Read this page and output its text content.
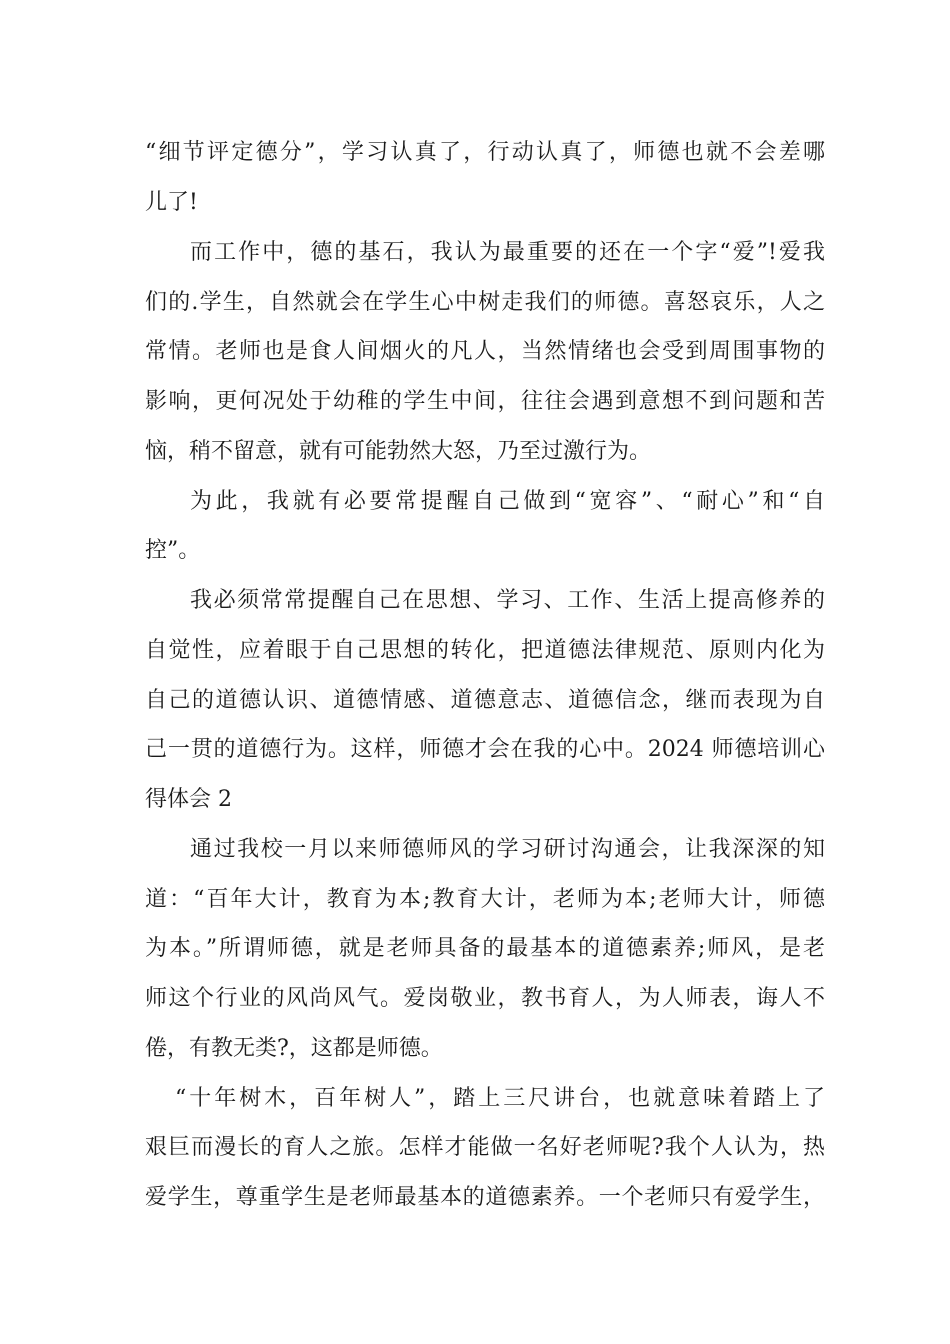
“细节评定德分”，学习认真了，行动认真了，师德也就不会差哪
儿了!
而工作中，德的基石，我认为最重要的还在一个字“爱”!爱我
们的.学生，自然就会在学生心中树走我们的师德。喜怒哀乐，人之
常情。老师也是食人间烟火的凡人，当然情绪也会受到周围事物的
影响，更何况处于幼稚的学生中间，往往会遇到意想不到问题和苦
恼，稍不留意，就有可能勃然大怒，乃至过激行为。
为此，我就有必要常提醒自己做到“宽容”、“耐心”和“自
控”。
我必须常常提醒自己在思想、学习、工作、生活上提高修养的
自觉性，应着眼于自己思想的转化，把道德法律规范、原则内化为
自己的道德认识、道德情感、道德意志、道德信念，继而表现为自
己一贯的道德行为。这样，师德才会在我的心中。2024 师德培训心
得体会 2
通过我校一月以来师德师风的学习研讨沟通会，让我深深的知
道：“百年大计，教育为本;教育大计，老师为本;老师大计，师德
为本。”所谓师德，就是老师具备的最基本的道德素养;师风，是老
师这个行业的风尚风气。爱岗敬业，教书育人，为人师表，诲人不
倦，有教无类?，这都是师德。
“十年树木，百年树人”，踏上三尺讲台，也就意味着踏上了
艰巨而漫长的育人之旅。怎样才能做一名好老师呢?我个人认为，热
爱学生，尊重学生是老师最基本的道德素养。一个老师只有爱学生，
